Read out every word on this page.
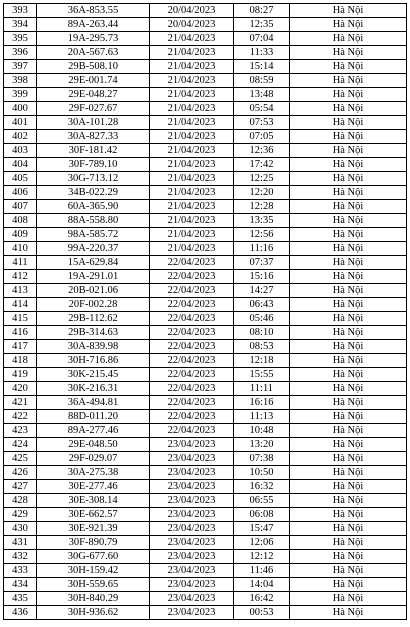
393	36A-853.55	20/04/2023	08:27	Hà Nội
394	89A-263.44	20/04/2023	12:35	Hà Nội
395	19A-295.73	21/04/2023	07:04	Hà Nội
396	20A-567.63	21/04/2023	11:33	Hà Nội
397	29B-508.10	21/04/2023	15:14	Hà Nội
398	29E-001.74	21/04/2023	08:59	Hà Nội
399	29E-048.27	21/04/2023	13:48	Hà Nội
400	29F-027.67	21/04/2023	05:54	Hà Nội
401	30A-101.28	21/04/2023	07:53	Hà Nội
402	30A-827.33	21/04/2023	07:05	Hà Nội
403	30F-181.42	21/04/2023	12:36	Hà Nội
404	30F-789.10	21/04/2023	17:42	Hà Nội
405	30G-713.12	21/04/2023	12:25	Hà Nội
406	34B-022.29	21/04/2023	12:20	Hà Nội
407	60A-365.90	21/04/2023	12:28	Hà Nội
408	88A-558.80	21/04/2023	13:35	Hà Nội
409	98A-585.72	21/04/2023	12:56	Hà Nội
410	99A-220.37	21/04/2023	11:16	Hà Nội
411	15A-629.84	22/04/2023	07:37	Hà Nội
412	19A-291.01	22/04/2023	15:16	Hà Nội
413	20B-021.06	22/04/2023	14:27	Hà Nội
414	20F-002.28	22/04/2023	06:43	Hà Nội
415	29B-112.62	22/04/2023	05:46	Hà Nội
416	29B-314.63	22/04/2023	08:10	Hà Nội
417	30A-839.98	22/04/2023	08:53	Hà Nội
418	30H-716.86	22/04/2023	12:18	Hà Nội
419	30K-215.45	22/04/2023	15:55	Hà Nội
420	30K-216.31	22/04/2023	11:11	Hà Nội
421	36A-494.81	22/04/2023	16:16	Hà Nội
422	88D-011.20	22/04/2023	11:13	Hà Nội
423	89A-277.46	22/04/2023	10:48	Hà Nội
424	29E-048.50	23/04/2023	13:20	Hà Nội
425	29F-029.07	23/04/2023	07:38	Hà Nội
426	30A-275.38	23/04/2023	10:50	Hà Nội
427	30E-277.46	23/04/2023	16:32	Hà Nội
428	30E-308.14	23/04/2023	06:55	Hà Nội
429	30E-662.57	23/04/2023	06:08	Hà Nội
430	30E-921.39	23/04/2023	15:47	Hà Nội
431	30F-890.79	23/04/2023	12:06	Hà Nội
432	30G-677.60	23/04/2023	12:12	Hà Nội
433	30H-159.42	23/04/2023	11:46	Hà Nội
434	30H-559.65	23/04/2023	14:04	Hà Nội
435	30H-840.29	23/04/2023	16:42	Hà Nội
436	30H-936.62	23/04/2023	00:53	Hà Nội
